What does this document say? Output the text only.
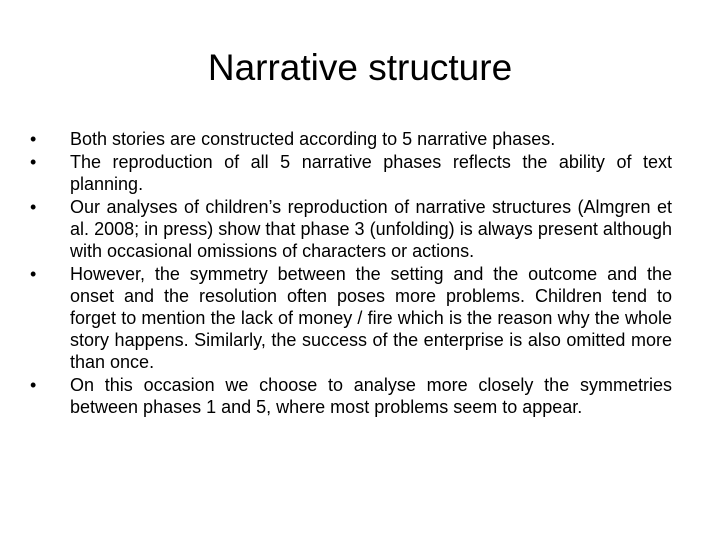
Narrative structure
•	Both stories are constructed according to 5 narrative phases.
•	The reproduction of all 5 narrative phases reflects the ability of text planning.
•	Our analyses of children’s reproduction of narrative structures (Almgren et al. 2008; in press) show that phase 3 (unfolding) is always present although with occasional omissions of characters or actions.
•	However, the symmetry between the setting and the outcome and the onset and the resolution often poses more problems. Children tend to forget to mention the lack of money / fire which is the reason why the whole story happens. Similarly, the success of the enterprise is also omitted more than once.
•	On this occasion we choose to analyse more closely the symmetries between phases 1 and 5, where most problems seem to appear.
